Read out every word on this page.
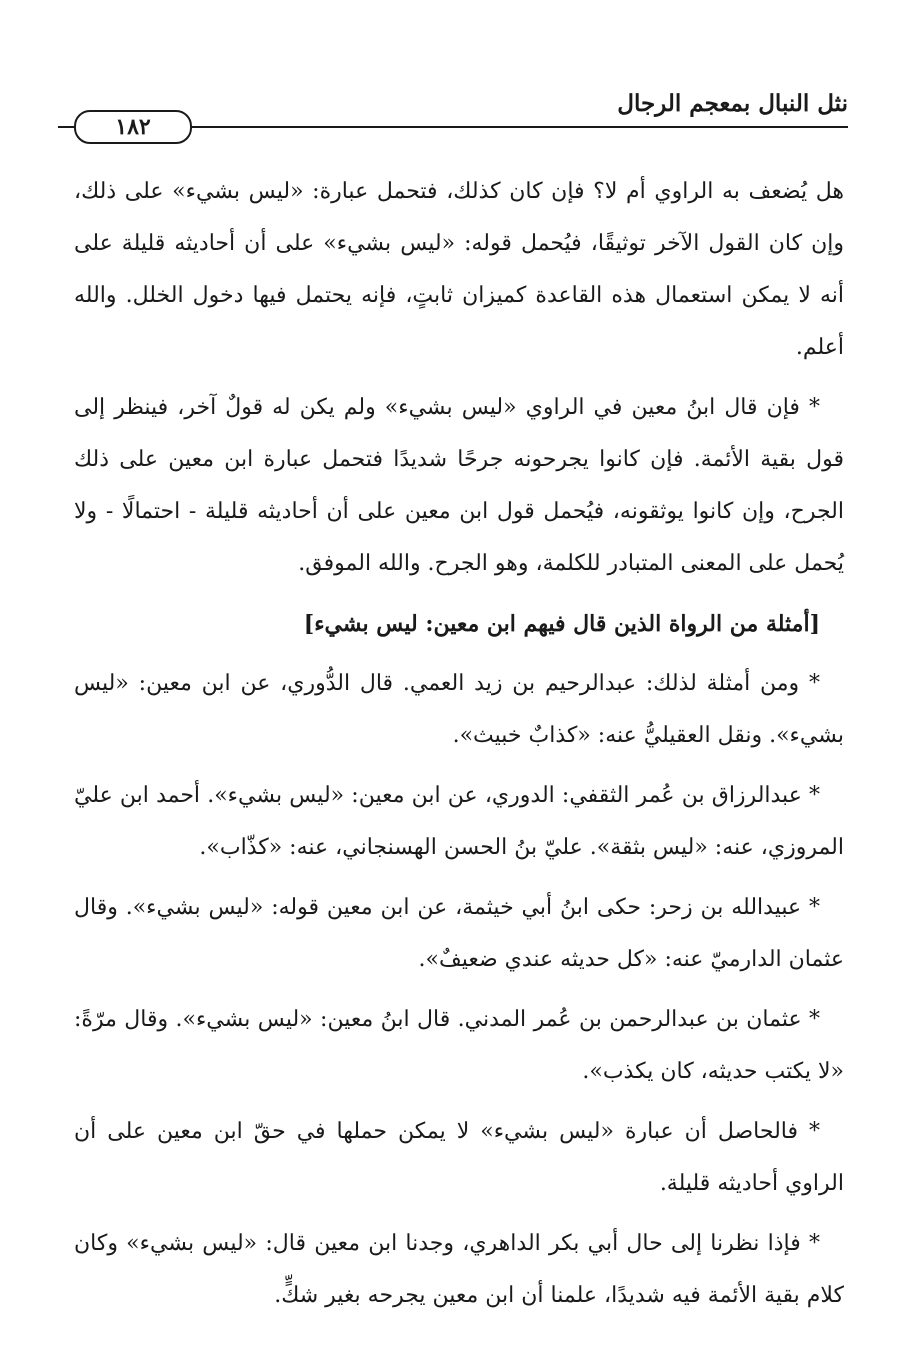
نثل النبال بمعجم الرجال
١٨٢

هل يُضعف به الراوي أم لا؟ فإن كان كذلك، فتحمل عبارة: «ليس بشيء» على ذلك، وإن كان القول الآخر توثيقًا، فيُحمل قوله: «ليس بشيء» على أن أحاديثه قليلة على أنه لا يمكن استعمال هذه القاعدة كميزان ثابتٍ، فإنه يحتمل فيها دخول الخلل. والله أعلم.

* فإن قال ابنُ معين في الراوي «ليس بشيء» ولم يكن له قولٌ آخر، فينظر إلى قول بقية الأئمة. فإن كانوا يجرحونه جرحًا شديدًا فتحمل عبارة ابن معين على ذلك الجرح، وإن كانوا يوثقونه، فيُحمل قول ابن معين على أن أحاديثه قليلة - احتمالًا - ولا يُحمل على المعنى المتبادر للكلمة، وهو الجرح. والله الموفق.

[أمثلة من الرواة الذين قال فيهم ابن معين: ليس بشيء]

* ومن أمثلة لذلك: عبدالرحيم بن زيد العمي. قال الدُّوري، عن ابن معين: «ليس بشيء». ونقل العقيليُّ عنه: «كذابٌ خبيث».

* عبدالرزاق بن عُمر الثقفي: الدوري، عن ابن معين: «ليس بشيء». أحمد ابن عليّ المروزي، عنه: «ليس بثقة». عليّ بنُ الحسن الهسنجاني، عنه: «كذّاب».

* عبيدالله بن زحر: حكى ابنُ أبي خيثمة، عن ابن معين قوله: «ليس بشيء». وقال عثمان الدارميّ عنه: «كل حديثه عندي ضعيفٌ».

* عثمان بن عبدالرحمن بن عُمر المدني. قال ابنُ معين: «ليس بشيء». وقال مرّةً: «لا يكتب حديثه، كان يكذب».

* فالحاصل أن عبارة «ليس بشيء» لا يمكن حملها في حقّ ابن معين على أن الراوي أحاديثه قليلة.

* فإذا نظرنا إلى حال أبي بكر الداهري، وجدنا ابن معين قال: «ليس بشيء» وكان كلام بقية الأئمة فيه شديدًا، علمنا أن ابن معين يجرحه بغير شكٍّ.
